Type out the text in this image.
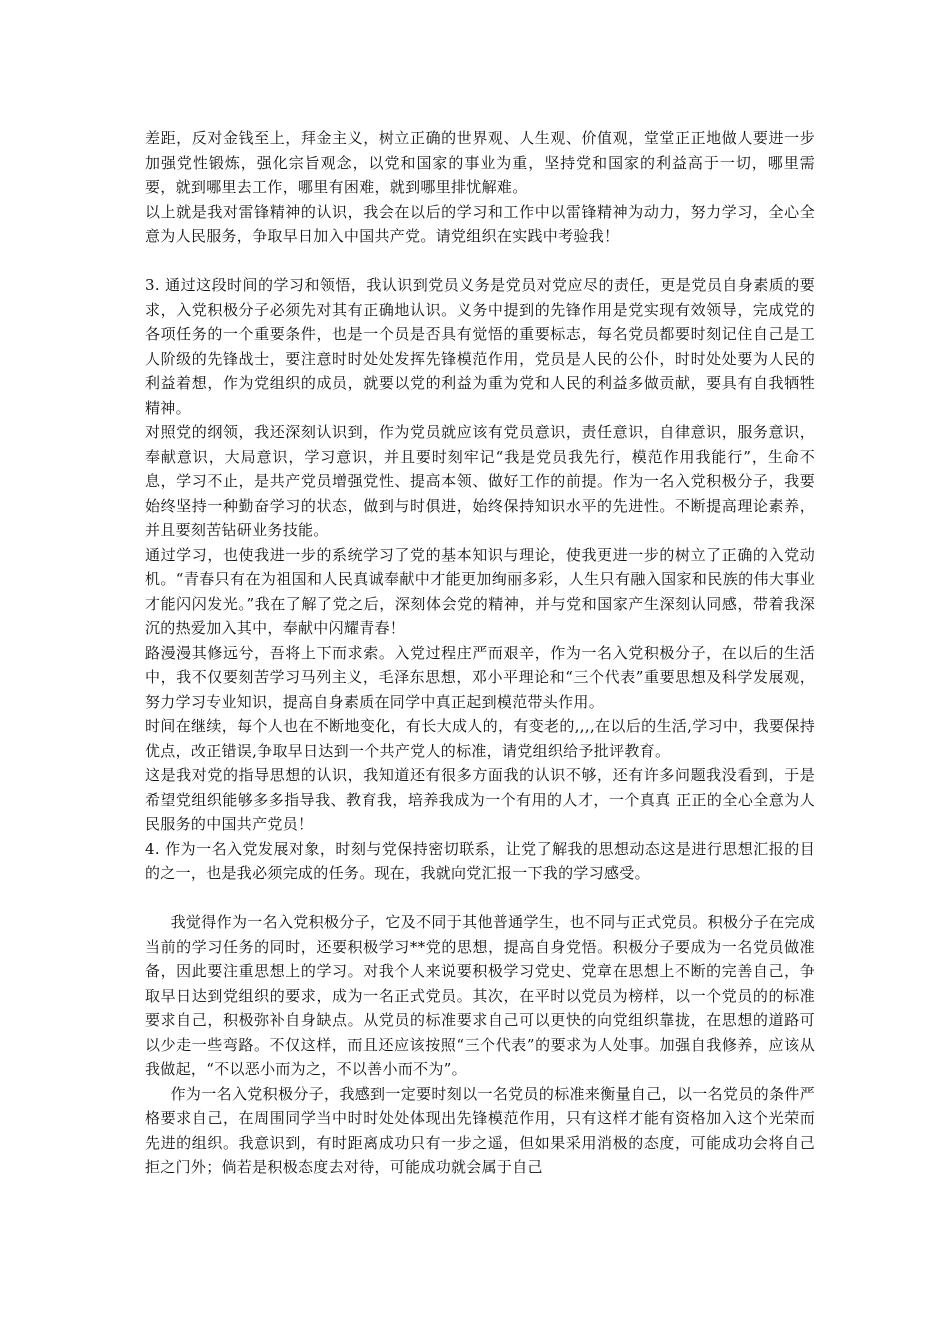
差距，反对金钱至上，拜金主义，树立正确的世界观、人生观、价值观，堂堂正正地做人要进一步加强党性锻炼，强化宗旨观念，以党和国家的事业为重，坚持党和国家的利益高于一切，哪里需要，就到哪里去工作，哪里有困难，就到哪里排忧解难。

以上就是我对雷锋精神的认识，我会在以后的学习和工作中以雷锋精神为动力，努力学习，全心全意为人民服务，争取早日加入中国共产党。请党组织在实践中考验我！

3. 通过这段时间的学习和领悟，我认识到党员义务是党员对党应尽的责任，更是党员自身素质的要求，入党积极分子必须先对其有正确地认识。义务中提到的先锋作用是党实现有效领导，完成党的各项任务的一个重要条件，也是一个员是否具有觉悟的重要标志，每名党员都要时刻记住自己是工人阶级的先锋战士，要注意时时处处发挥先锋模范作用，党员是人民的公仆，时时处处要为人民的利益着想，作为党组织的成员，就要以党的利益为重为党和人民的利益多做贡献，要具有自我牺牲精神。

对照党的纲领，我还深刻认识到，作为党员就应该有党员意识，责任意识，自律意识，服务意识，奉献意识，大局意识，学习意识，并且要时刻牢记“我是党员我先行，模范作用我能行”，生命不息，学习不止，是共产党员增强党性、提高本领、做好工作的前提。作为一名入党积极分子，我要始终坚持一种勤奋学习的状态，做到与时俱进，始终保持知识水平的先进性。不断提高理论素养，并且要刻苦钻研业务技能。

通过学习，也使我进一步的系统学习了党的基本知识与理论，使我更进一步的树立了正确的入党动机。“青春只有在为祖国和人民真诚奉献中才能更加绚丽多彩，人生只有融入国家和民族的伟大事业才能闪闪发光。”我在了解了党之后，深刻体会党的精神，并与党和国家产生深刻认同感，带着我深沉的热爱加入其中，奉献中闪耀青春！

路漫漫其修远兮，吾将上下而求索。入党过程庄严而艰辛，作为一名入党积极分子，在以后的生活中，我不仅要刻苦学习马列主义，毛泽东思想，邓小平理论和“三个代表”重要思想及科学发展观，努力学习专业知识，提高自身素质在同学中真正起到模范带头作用。

时间在继续，每个人也在不断地变化，有长大成人的，有变老的,,,,在以后的生活,学习中，我要保持优点，改正错误,争取早日达到一个共产党人的标准，请党组织给予批评教育。

这是我对党的指导思想的认识，我知道还有很多方面我的认识不够，还有许多问题我没看到，于是希望党组织能够多多指导我、教育我，培养我成为一个有用的人才，一个真真 正正的全心全意为人民服务的中国共产党员！

4. 作为一名入党发展对象，时刻与党保持密切联系，让党了解我的思想动态这是进行思想汇报的目的之一，也是我必须完成的任务。现在，我就向党汇报一下我的学习感受。

我觉得作为一名入党积极分子，它及不同于其他普通学生，也不同与正式党员。积极分子在完成当前的学习任务的同时，还要积极学习**党的思想，提高自身党悟。积极分子要成为一名党员做准备，因此要注重思想上的学习。对我个人来说要积极学习党史、党章在思想上不断的完善自己，争取早日达到党组织的要求，成为一名正式党员。其次，在平时以党员为榜样，以一个党员的的标准要求自己，积极弥补自身缺点。从党员的标准要求自己可以更快的向党组织靠拢，在思想的道路可以少走一些弯路。不仅这样，而且还应该按照“三个代表”的要求为人处事。加强自我修养，应该从我做起，“不以恶小而为之，不以善小而不为”。

作为一名入党积极分子，我感到一定要时刻以一名党员的标准来衡量自己，以一名党员的条件严格要求自己，在周围同学当中时时处处体现出先锋模范作用，只有这样才能有资格加入这个光荣而先进的组织。我意识到，有时距离成功只有一步之遥，但如果采用消极的态度，可能成功会将自己拒之门外；倘若是积极态度去对待，可能成功就会属于自己
